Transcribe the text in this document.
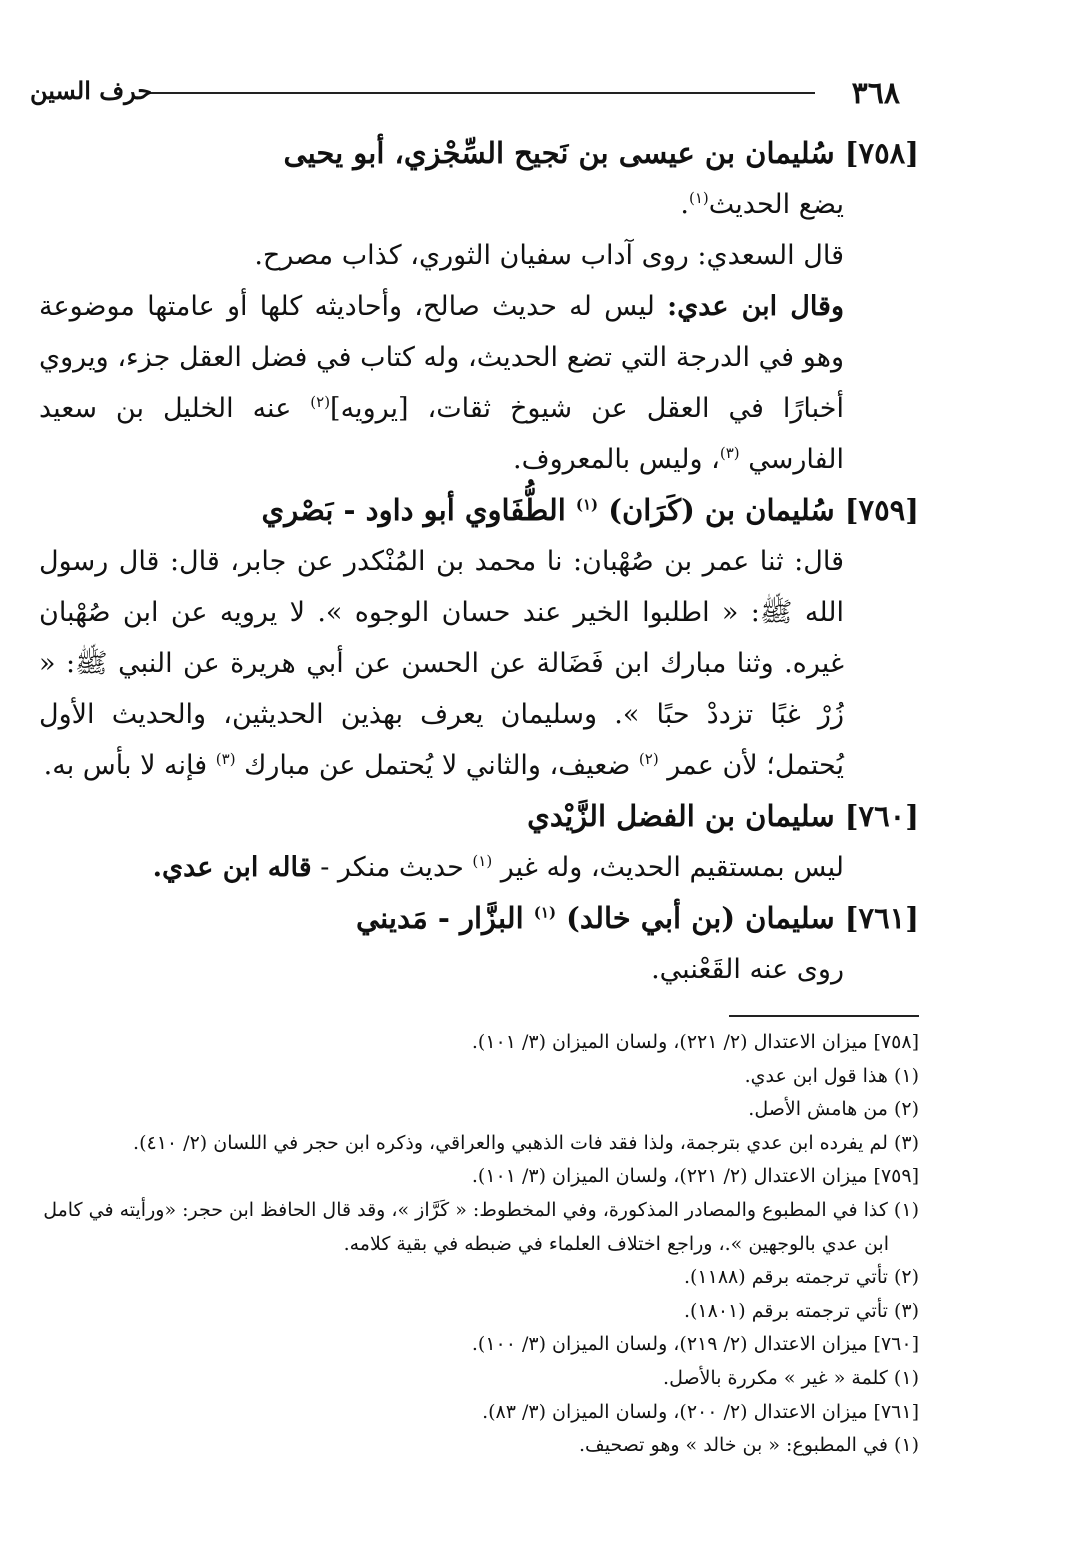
٣٦٨
حرف السين

[٧٥٨] سُليمان بن عيسى بن نَجيح السِّجْزي، أبو يحيى

يضع الحديث$^{(١)}$.

قال السعدي: روى آداب سفيان الثوري، كذاب مصرح.

وقال ابن عدي: ليس له حديث صالح، وأحاديثه كلها أو عامتها موضوعة وهو في الدرجة التي تضع الحديث، وله كتاب في فضل العقل جزء، ويروي أخبارًا في العقل عن شيوخ ثقات، [يرويه]$^{(٢)}$ عنه الخليل بن سعيد الفارسي $^{(٣)}$، وليس بالمعروف.

[٧٥٩] سُليمان بن (كَرَان) $^{(١)}$ الطُّفَاوي أبو داود - بَصْري

قال: ثنا عمر بن صُهْبان: نا محمد بن المُنْكدر عن جابر، قال: قال رسول الله ﷺ: « اطلبوا الخير عند حسان الوجوه ». لا يرويه عن ابن صُهْبان غيره. وثنا مبارك ابن فَضَالة عن الحسن عن أبي هريرة عن النبي ﷺ: « زُرْ غبًا تزددْ حبًا ». وسليمان يعرف بهذين الحديثين، والحديث الأول يُحتمل؛ لأن عمر $^{(٢)}$ ضعيف، والثاني لا يُحتمل عن مبارك $^{(٣)}$ فإنه لا بأس به.

[٧٦٠] سليمان بن الفضل الزَّيْدي

ليس بمستقيم الحديث، وله غير $^{(١)}$ حديث منكر - قاله ابن عدي.

[٧٦١] سليمان (بن أبي خالد) $^{(١)}$ البزَّار - مَديني

روى عنه القَعْنبي.

[٧٥٨] ميزان الاعتدال (٢/ ٢٢١)، ولسان الميزان (٣/ ١٠١).

(١) هذا قول ابن عدي.

(٢) من هامش الأصل.

(٣) لم يفرده ابن عدي بترجمة، ولذا فقد فات الذهبي والعراقي، وذكره ابن حجر في اللسان (٢/ ٤١٠).

[٧٥٩] ميزان الاعتدال (٢/ ٢٢١)، ولسان الميزان (٣/ ١٠١).

(١) كذا في المطبوع والمصادر المذكورة، وفي المخطوط: « كَرَّاز »، وقد قال الحافظ ابن حجر: «ورأيته في كامل

ابن عدي بالوجهين ».، وراجع اختلاف العلماء في ضبطه في بقية كلامه.

(٢) تأتي ترجمته برقم (١١٨٨).

(٣) تأتي ترجمته برقم (١٨٠١).

[٧٦٠] ميزان الاعتدال (٢/ ٢١٩)، ولسان الميزان (٣/ ١٠٠).

(١) كلمة « غير » مكررة بالأصل.

[٧٦١] ميزان الاعتدال (٢/ ٢٠٠)، ولسان الميزان (٣/ ٨٣).

(١) في المطبوع: « بن خالد » وهو تصحيف.
